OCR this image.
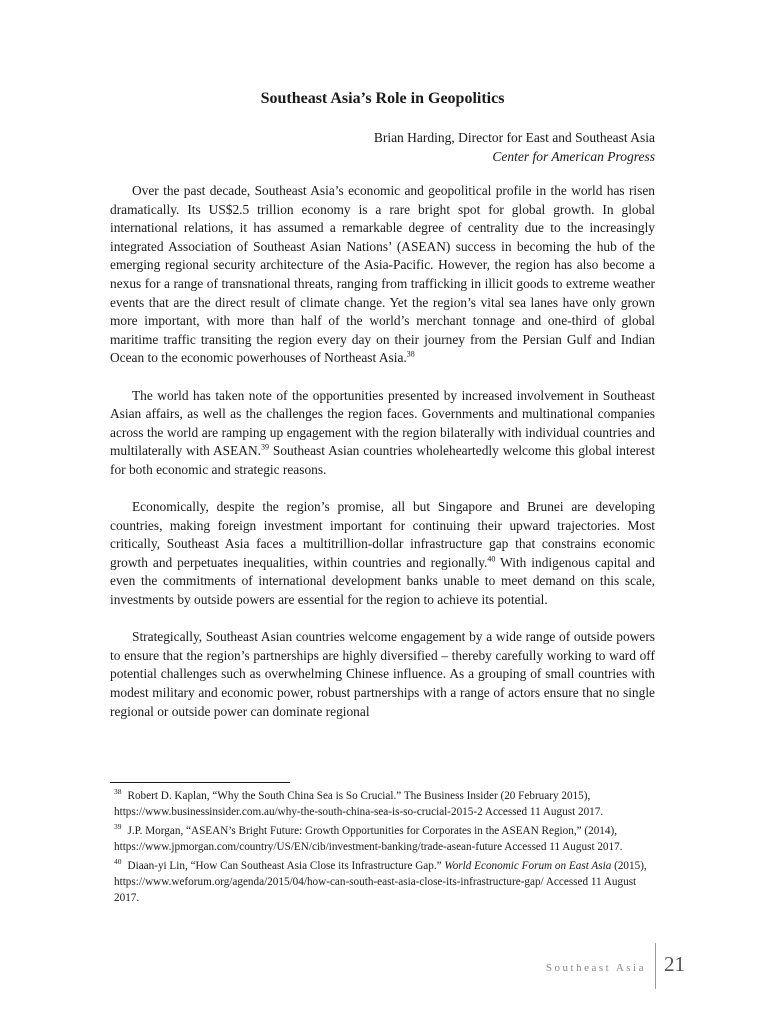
Southeast Asia’s Role in Geopolitics
Brian Harding, Director for East and Southeast Asia
Center for American Progress

Over the past decade, Southeast Asia’s economic and geopolitical profile in the world has risen dramatically. Its US$2.5 trillion economy is a rare bright spot for global growth. In global international relations, it has assumed a remarkable degree of centrality due to the increasingly integrated Association of Southeast Asian Nations’ (ASEAN) success in becoming the hub of the emerging regional security architecture of the Asia-Pacific. However, the region has also become a nexus for a range of transnational threats, ranging from trafficking in illicit goods to extreme weather events that are the direct result of climate change. Yet the region’s vital sea lanes have only grown more important, with more than half of the world’s merchant tonnage and one-third of global maritime traffic transiting the region every day on their journey from the Persian Gulf and Indian Ocean to the economic powerhouses of Northeast Asia.$^{38}$

The world has taken note of the opportunities presented by increased involvement in Southeast Asian affairs, as well as the challenges the region faces. Governments and multinational companies across the world are ramping up engagement with the region bilaterally with individual countries and multilaterally with ASEAN.$^{39}$ Southeast Asian countries wholeheartedly welcome this global interest for both economic and strategic reasons.

Economically, despite the region’s promise, all but Singapore and Brunei are developing countries, making foreign investment important for continuing their upward trajectories. Most critically, Southeast Asia faces a multitrillion-dollar infrastructure gap that constrains economic growth and perpetuates inequalities, within countries and regionally.$^{40}$ With indigenous capital and even the commitments of international development banks unable to meet demand on this scale, investments by outside powers are essential for the region to achieve its potential.

Strategically, Southeast Asian countries welcome engagement by a wide range of outside powers to ensure that the region’s partnerships are highly diversified – thereby carefully working to ward off potential challenges such as overwhelming Chinese influence. As a grouping of small countries with modest military and economic power, robust partnerships with a range of actors ensure that no single regional or outside power can dominate regional

$^{38}$ Robert D. Kaplan, “Why the South China Sea is So Crucial.” The Business Insider (20 February 2015), https://www.businessinsider.com.au/why-the-south-china-sea-is-so-crucial-2015-2 Accessed 11 August 2017.
$^{39}$ J.P. Morgan, “ASEAN’s Bright Future: Growth Opportunities for Corporates in the ASEAN Region,” (2014), https://www.jpmorgan.com/country/US/EN/cib/investment-banking/trade-asean-future Accessed 11 August 2017.
$^{40}$ Diaan-yi Lin, “How Can Southeast Asia Close its Infrastructure Gap.” World Economic Forum on East Asia (2015), https://www.weforum.org/agenda/2015/04/how-can-south-east-asia-close-its-infrastructure-gap/ Accessed 11 August 2017.
Southeast Asia 21
